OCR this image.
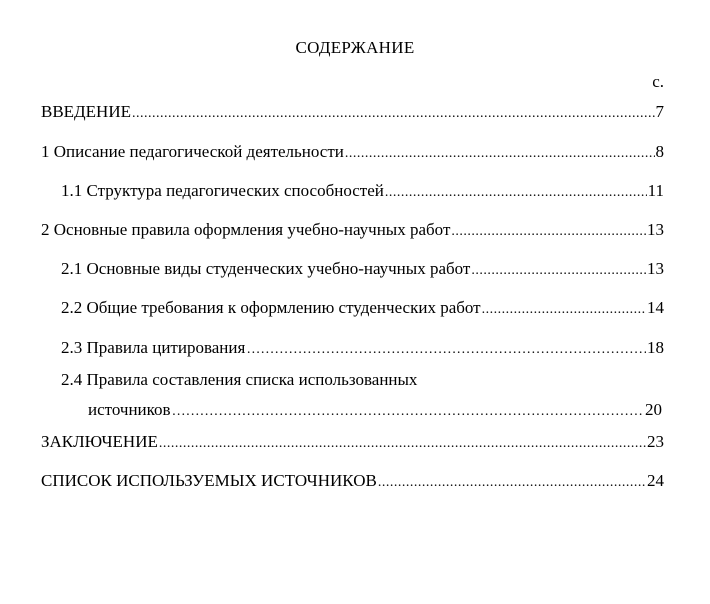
СОДЕРЖАНИЕ
с.
ВВЕДЕНИЕ .....	7
1 Описание педагогической деятельности .....	8
1.1 Структура педагогических способностей .....	11
2 Основные правила оформления учебно-научных работ .....	13
2.1 Основные виды студенческих учебно-научных работ .....	13
2.2 Общие требования к оформлению студенческих работ .....	14
2.3 Правила цитирования ………………………………………………………………………………………………………………………………………………………………………………	18
2.4 Правила составления списка использованных
источников ………………………………………………………………………………………………………………………………………………………………………………	20
ЗАКЛЮЧЕНИЕ .....	23
СПИСОК ИСПОЛЬЗУЕМЫХ ИСТОЧНИКОВ .....	24
